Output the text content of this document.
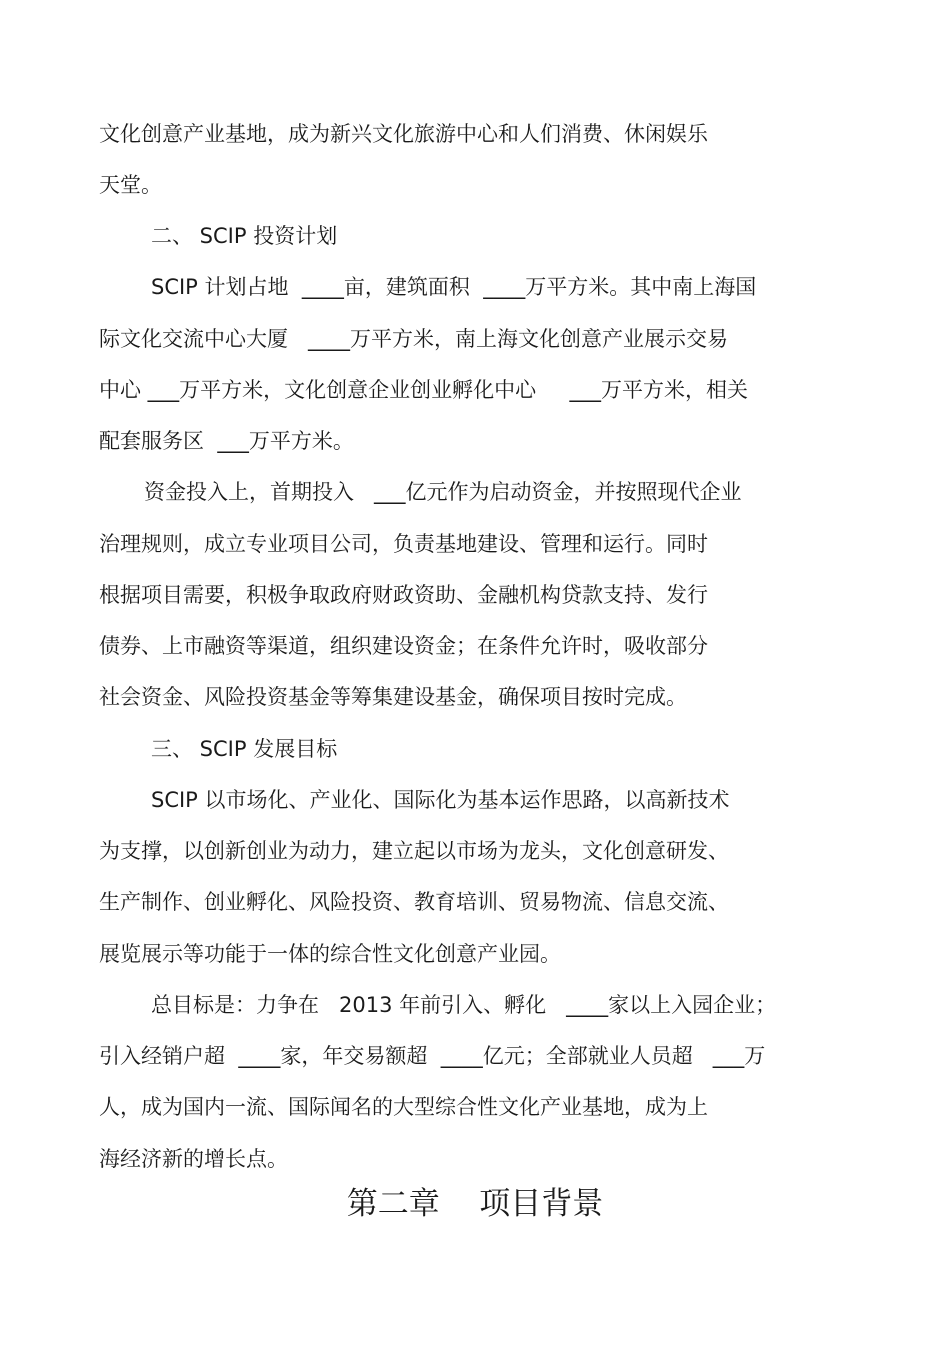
文化创意产业基地，成为新兴文化旅游中心和人们消费、休闲娱乐
天堂。
二、 SCIP 投资计划
SCIP 计划占地  ____亩，建筑面积  ____万平方米。其中南上海国
际文化交流中心大厦   ____万平方米，南上海文化创意产业展示交易
中心 ___万平方米，文化创意企业创业孵化中心     ___万平方米，相关
配套服务区  ___万平方米。
资金投入上，首期投入   ___亿元作为启动资金，并按照现代企业
治理规则，成立专业项目公司，负责基地建设、管理和运行。同时
根据项目需要，积极争取政府财政资助、金融机构贷款支持、发行
债券、上市融资等渠道，组织建设资金；在条件允许时，吸收部分
社会资金、风险投资基金等筹集建设基金，确保项目按时完成。
三、 SCIP 发展目标
SCIP 以市场化、产业化、国际化为基本运作思路，以高新技术
为支撑，以创新创业为动力，建立起以市场为龙头，文化创意研发、
生产制作、创业孵化、风险投资、教育培训、贸易物流、信息交流、
展览展示等功能于一体的综合性文化创意产业园。
总目标是：力争在   2013 年前引入、孵化   ____家以上入园企业；
引入经销户超  ____家，年交易额超  ____亿元；全部就业人员超   ___万
人，成为国内一流、国际闻名的大型综合性文化产业基地，成为上
海经济新的增长点。
第二章    项目背景
